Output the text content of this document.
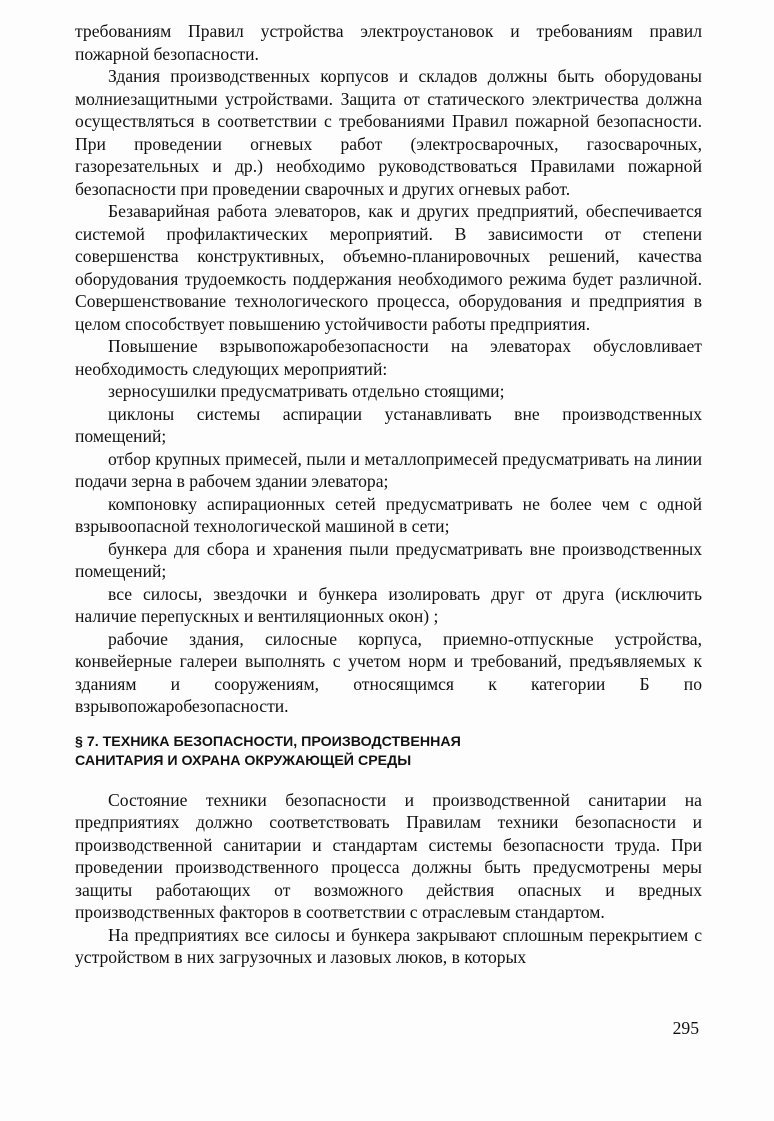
требованиям Правил устройства электроустановок и требованиям правил пожарной безопасности.

Здания производственных корпусов и складов должны быть оборудованы молниезащитными устройствами. Защита от статического электричества должна осуществляться в соответствии с требованиями Правил пожарной безопасности. При проведении огневых работ (электросварочных, газосварочных, газорезательных и др.) необходимо руководствоваться Правилами пожарной безопасности при проведении сварочных и других огневых работ.

Безаварийная работа элеваторов, как и других предприятий, обеспечивается системой профилактических мероприятий. В зависимости от степени совершенства конструктивных, объемно-планировочных решений, качества оборудования трудоемкость поддержания необходимого режима будет различной. Совершенствование технологического процесса, оборудования и предприятия в целом способствует повышению устойчивости работы предприятия.

Повышение взрывопожаробезопасности на элеваторах обусловливает необходимость следующих мероприятий:

зерносушилки предусматривать отдельно стоящими;

циклоны системы аспирации устанавливать вне производственных помещений;

отбор крупных примесей, пыли и металлопримесей предусматривать на линии подачи зерна в рабочем здании элеватора;

компоновку аспирационных сетей предусматривать не более чем с одной взрывоопасной технологической машиной в сети;

бункера для сбора и хранения пыли предусматривать вне производственных помещений;

все силосы, звездочки и бункера изолировать друг от друга (исключить наличие перепускных и вентиляционных окон) ;

рабочие здания, силосные корпуса, приемно-отпускные устройства, конвейерные галереи выполнять с учетом норм и требований, предъявляемых к зданиям и сооружениям, относящимся к категории Б по взрывопожаробезопасности.

§ 7. ТЕХНИКА БЕЗОПАСНОСТИ, ПРОИЗВОДСТВЕННАЯ
САНИТАРИЯ И ОХРАНА ОКРУЖАЮЩЕЙ СРЕДЫ

Состояние техники безопасности и производственной санитарии на предприятиях должно соответствовать Правилам техники безопасности и производственной санитарии и стандартам системы безопасности труда. При проведении производственного процесса должны быть предусмотрены меры защиты работающих от возможного действия опасных и вредных производственных факторов в соответствии с отраслевым стандартом.

На предприятиях все силосы и бункера закрывают сплошным перекрытием с устройством в них загрузочных и лазовых люков, в которых

295
